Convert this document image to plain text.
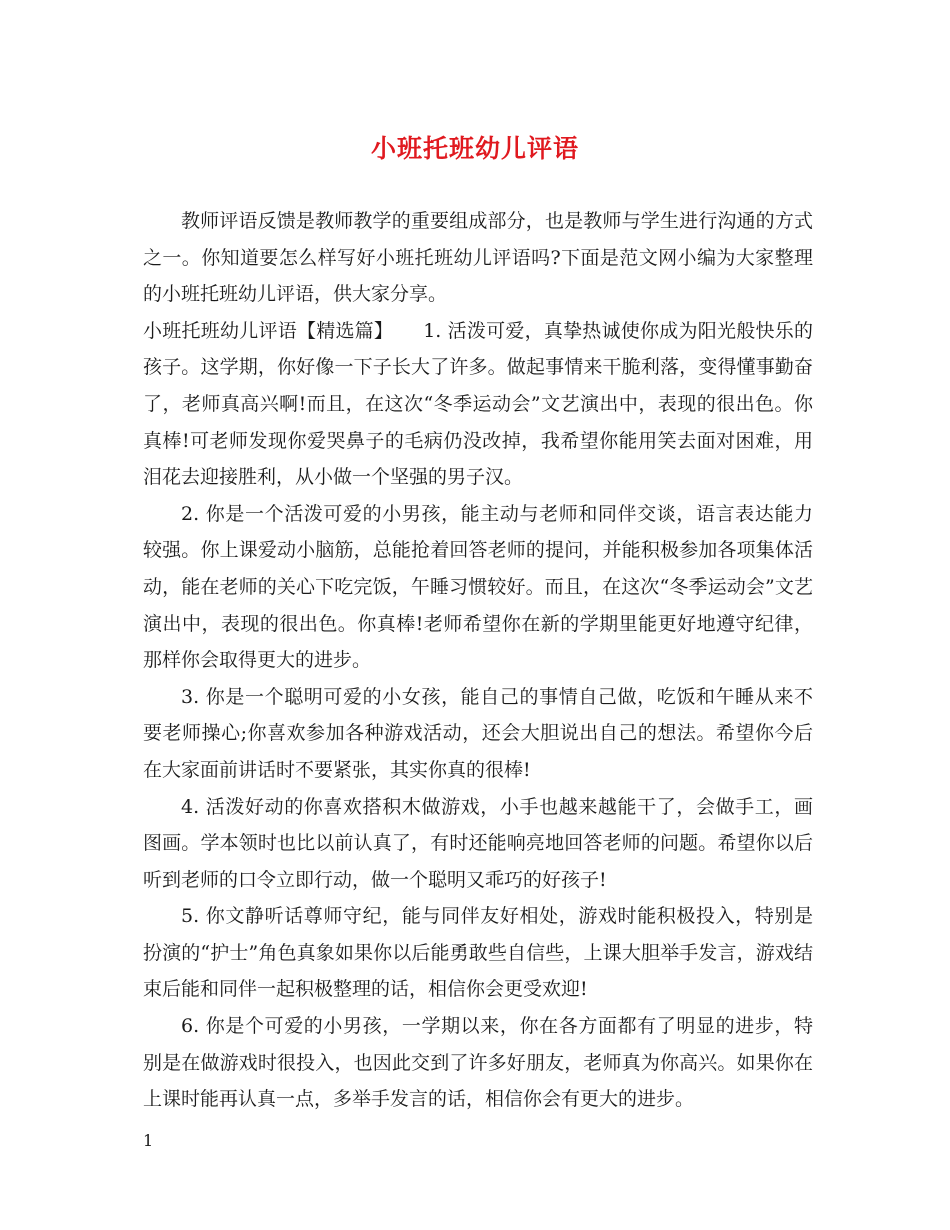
小班托班幼儿评语

教师评语反馈是教师教学的重要组成部分，也是教师与学生进行沟通的方式之一。你知道要怎么样写好小班托班幼儿评语吗?下面是范文网小编为大家整理的小班托班幼儿评语，供大家分享。

小班托班幼儿评语【精选篇】 1. 活泼可爱，真挚热诚使你成为阳光般快乐的孩子。这学期，你好像一下子长大了许多。做起事情来干脆利落，变得懂事勤奋了，老师真高兴啊!而且，在这次“冬季运动会”文艺演出中，表现的很出色。你真棒!可老师发现你爱哭鼻子的毛病仍没改掉，我希望你能用笑去面对困难，用泪花去迎接胜利，从小做一个坚强的男子汉。

2. 你是一个活泼可爱的小男孩，能主动与老师和同伴交谈，语言表达能力较强。你上课爱动小脑筋，总能抢着回答老师的提问，并能积极参加各项集体活动，能在老师的关心下吃完饭，午睡习惯较好。而且，在这次“冬季运动会”文艺演出中，表现的很出色。你真棒!老师希望你在新的学期里能更好地遵守纪律，那样你会取得更大的进步。

3. 你是一个聪明可爱的小女孩，能自己的事情自己做，吃饭和午睡从来不要老师操心;你喜欢参加各种游戏活动，还会大胆说出自己的想法。希望你今后在大家面前讲话时不要紧张，其实你真的很棒!

4. 活泼好动的你喜欢搭积木做游戏，小手也越来越能干了，会做手工，画图画。学本领时也比以前认真了，有时还能响亮地回答老师的问题。希望你以后听到老师的口令立即行动，做一个聪明又乖巧的好孩子!

5. 你文静听话尊师守纪，能与同伴友好相处，游戏时能积极投入，特别是扮演的“护士”角色真象如果你以后能勇敢些自信些，上课大胆举手发言，游戏结束后能和同伴一起积极整理的话，相信你会更受欢迎!

6. 你是个可爱的小男孩，一学期以来，你在各方面都有了明显的进步，特别是在做游戏时很投入，也因此交到了许多好朋友，老师真为你高兴。如果你在上课时能再认真一点，多举手发言的话，相信你会有更大的进步。

1
